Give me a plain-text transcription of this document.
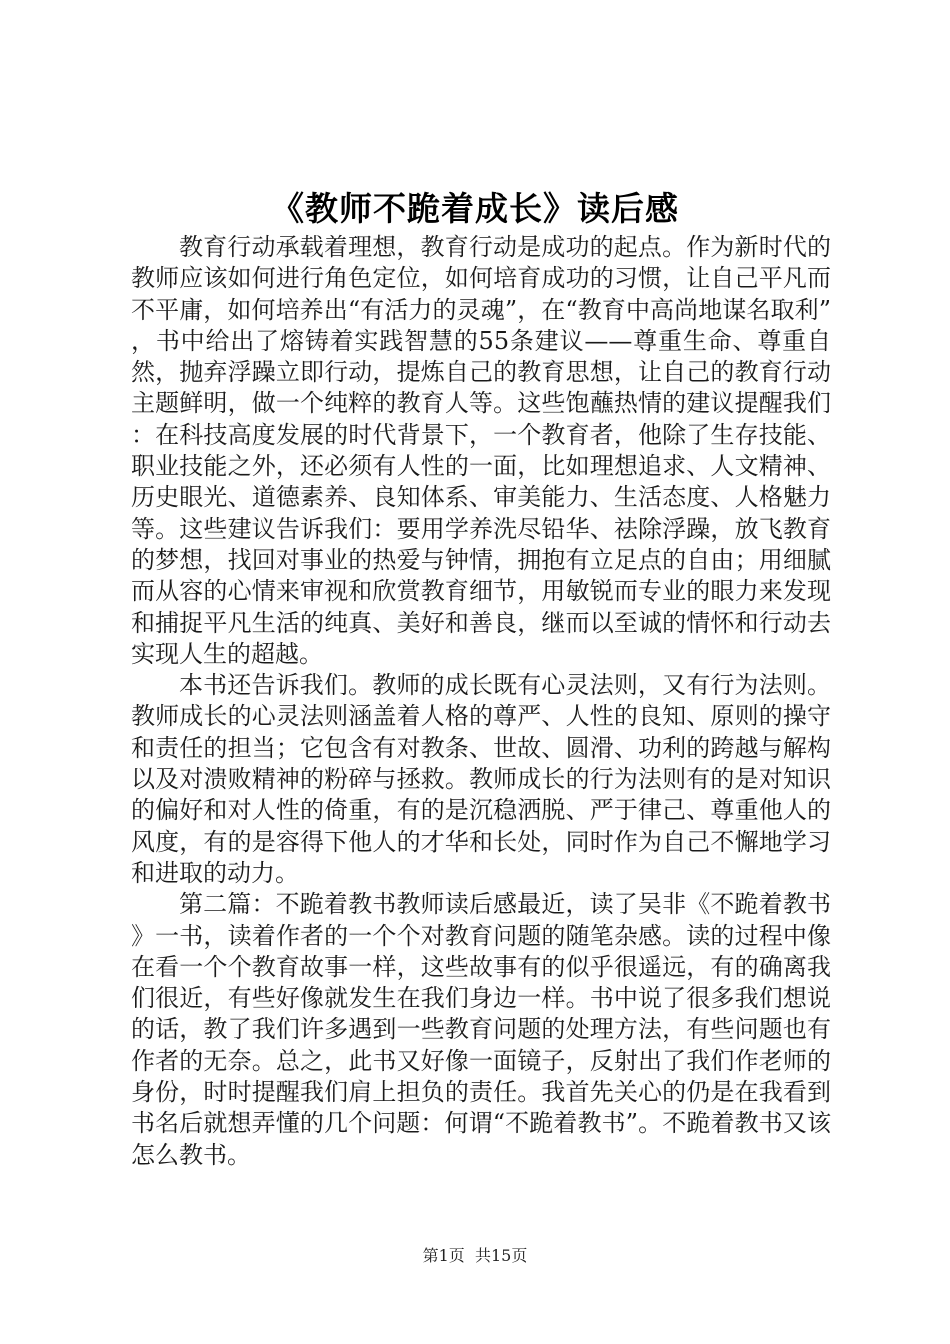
《教师不跪着成长》读后感

教育行动承载着理想，教育行动是成功的起点。作为新时代的教师应该如何进行角色定位，如何培育成功的习惯，让自己平凡而不平庸，如何培养出“有活力的灵魂”，在“教育中高尚地谋名取利”，书中给出了熔铸着实践智慧的55条建议——尊重生命、尊重自然，抛弃浮躁立即行动，提炼自己的教育思想，让自己的教育行动主题鲜明，做一个纯粹的教育人等。这些饱蘸热情的建议提醒我们：在科技高度发展的时代背景下，一个教育者，他除了生存技能、职业技能之外，还必须有人性的一面，比如理想追求、人文精神、历史眼光、道德素养、良知体系、审美能力、生活态度、人格魅力等。这些建议告诉我们：要用学养洗尽铅华、祛除浮躁，放飞教育的梦想，找回对事业的热爱与钟情，拥抱有立足点的自由；用细腻而从容的心情来审视和欣赏教育细节，用敏锐而专业的眼力来发现和捕捉平凡生活的纯真、美好和善良，继而以至诚的情怀和行动去实现人生的超越。

本书还告诉我们。教师的成长既有心灵法则，又有行为法则。教师成长的心灵法则涵盖着人格的尊严、人性的良知、原则的操守和责任的担当；它包含有对教条、世故、圆滑、功利的跨越与解构以及对溃败精神的粉碎与拯救。教师成长的行为法则有的是对知识的偏好和对人性的倚重，有的是沉稳洒脱、严于律己、尊重他人的风度，有的是容得下他人的才华和长处，同时作为自己不懈地学习和进取的动力。

第二篇：不跪着教书教师读后感最近，读了吴非《不跪着教书》一书，读着作者的一个个对教育问题的随笔杂感。读的过程中像在看一个个教育故事一样，这些故事有的似乎很遥远，有的确离我们很近，有些好像就发生在我们身边一样。书中说了很多我们想说的话，教了我们许多遇到一些教育问题的处理方法，有些问题也有作者的无奈。总之，此书又好像一面镜子，反射出了我们作老师的身份，时时提醒我们肩上担负的责任。我首先关心的仍是在我看到书名后就想弄懂的几个问题：何谓“不跪着教书”。不跪着教书又该怎么教书。

第1页 共15页
